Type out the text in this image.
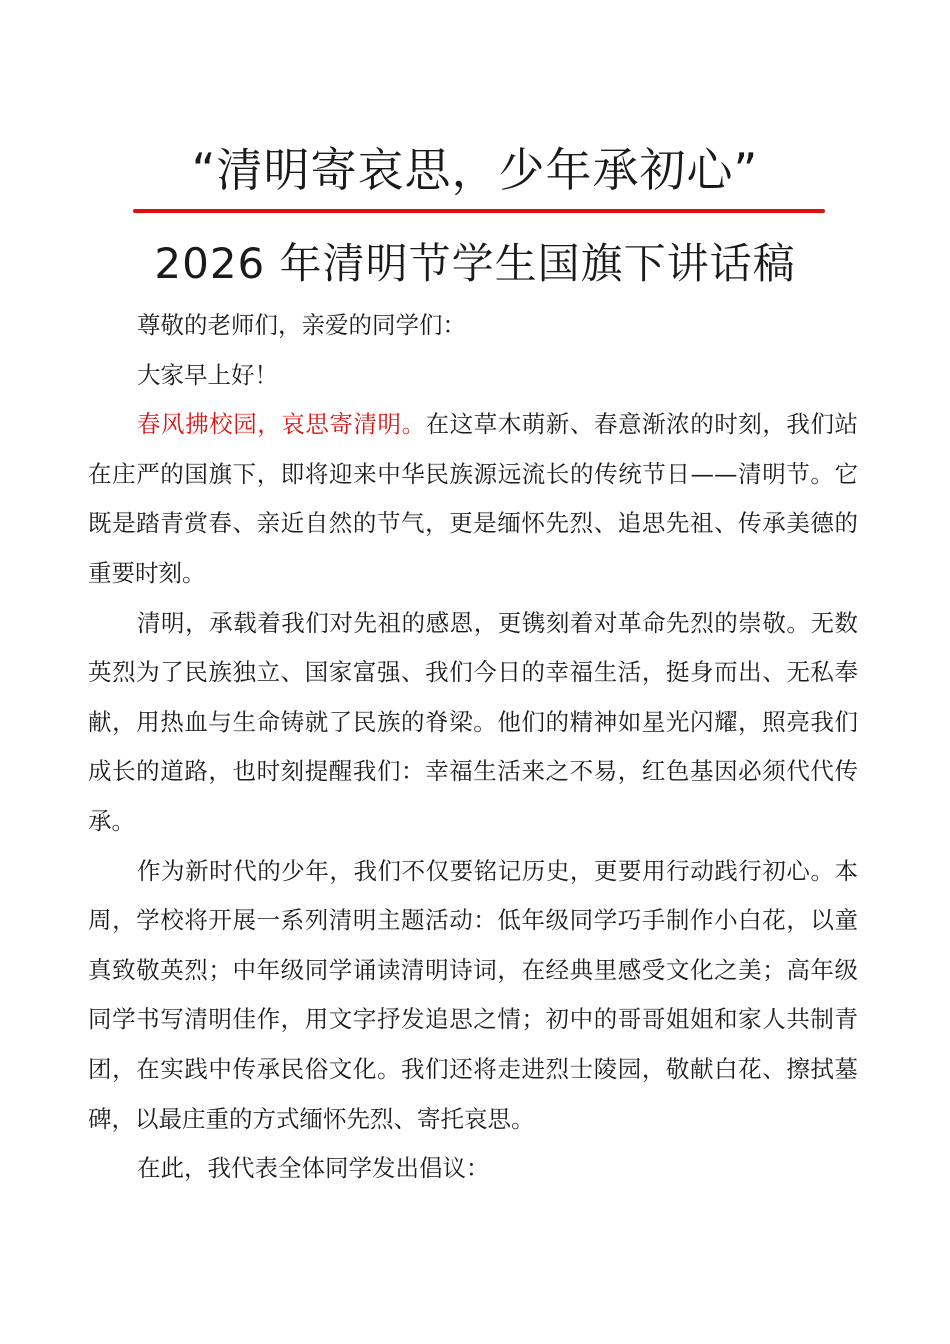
“清明寄哀思，少年承初心”
2026 年清明节学生国旗下讲话稿

尊敬的老师们，亲爱的同学们：

大家早上好！

春风拂校园，哀思寄清明。在这草木萌新、春意渐浓的时刻，我们站在庄严的国旗下，即将迎来中华民族源远流长的传统节日——清明节。它既是踏青赏春、亲近自然的节气，更是缅怀先烈、追思先祖、传承美德的重要时刻。

清明，承载着我们对先祖的感恩，更镌刻着对革命先烈的崇敬。无数英烈为了民族独立、国家富强、我们今日的幸福生活，挺身而出、无私奉献，用热血与生命铸就了民族的脊梁。他们的精神如星光闪耀，照亮我们成长的道路，也时刻提醒我们：幸福生活来之不易，红色基因必须代代传承。

作为新时代的少年，我们不仅要铭记历史，更要用行动践行初心。本周，学校将开展一系列清明主题活动：低年级同学巧手制作小白花，以童真致敬英烈；中年级同学诵读清明诗词，在经典里感受文化之美；高年级同学书写清明佳作，用文字抒发追思之情；初中的哥哥姐姐和家人共制青团，在实践中传承民俗文化。我们还将走进烈士陵园，敬献白花、擦拭墓碑，以最庄重的方式缅怀先烈、寄托哀思。

在此，我代表全体同学发出倡议：
